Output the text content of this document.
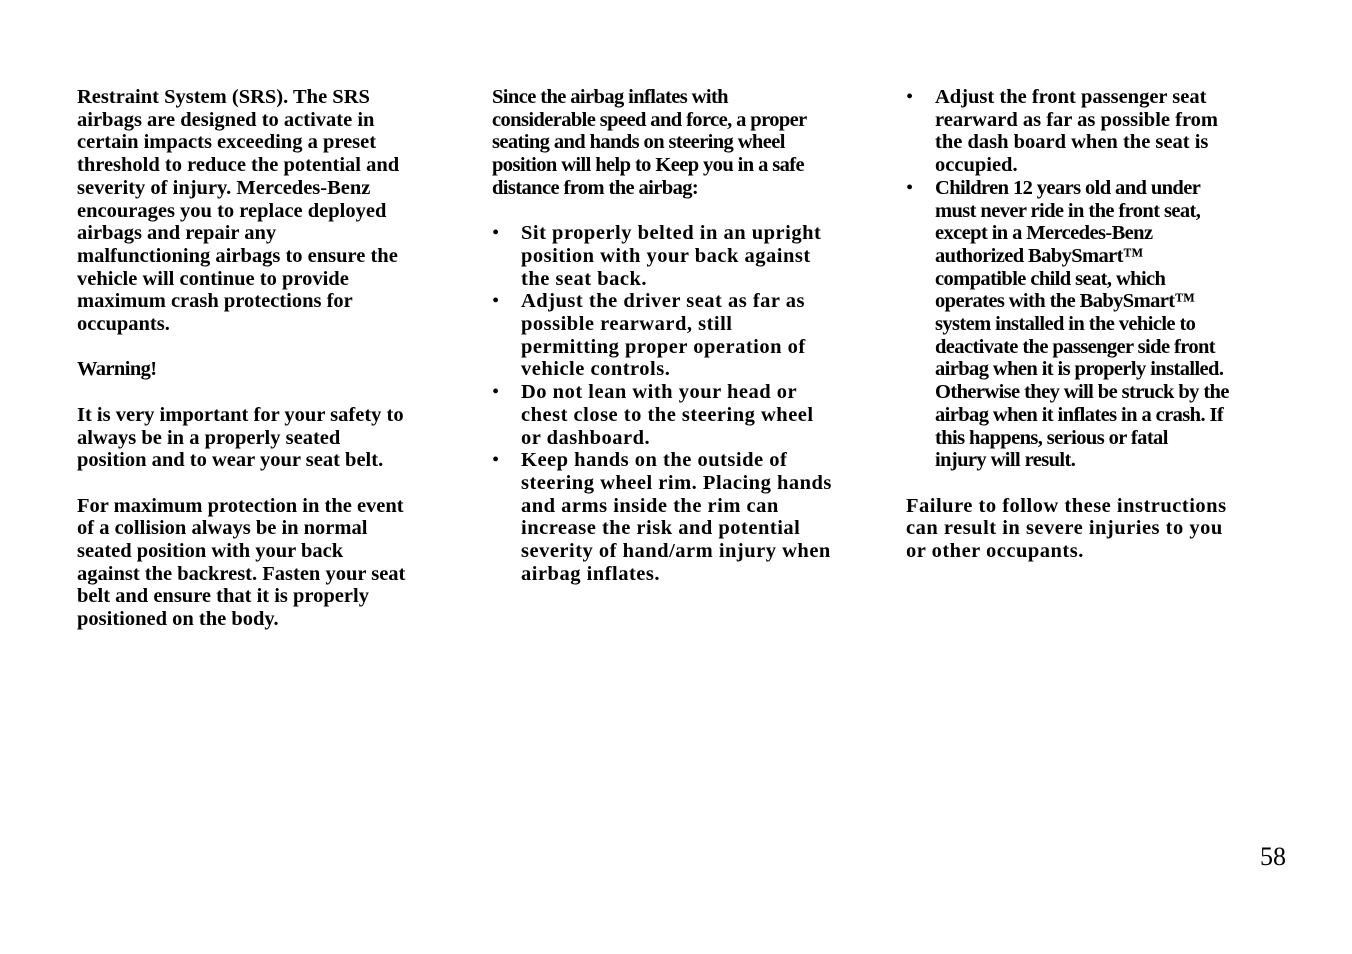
Restraint System (SRS). The SRS
airbags are designed to activate in
certain impacts exceeding a preset
threshold to reduce the potential and
severity of injury. Mercedes-Benz
encourages you to replace deployed
airbags and repair any
malfunctioning airbags to ensure the
vehicle will continue to provide
maximum crash protections for
occupants.

Warning!

It is very important for your safety to
always be in a properly seated
position and to wear your seat belt.

For maximum protection in the event
of a collision always be in normal
seated position with your back
against the backrest. Fasten your seat
belt and ensure that it is properly
positioned on the body.

Since the airbag inflates with
considerable speed and force, a proper
seating and hands on steering wheel
position will help to Keep you in a safe
distance from the airbag:

• Sit properly belted in an upright
position with your back against
the seat back.
• Adjust the driver seat as far as
possible rearward, still
permitting proper operation of
vehicle controls.
• Do not lean with your head or
chest close to the steering wheel
or dashboard.
• Keep hands on the outside of
steering wheel rim. Placing hands
and arms inside the rim can
increase the risk and potential
severity of hand/arm injury when
airbag inflates.
• Adjust the front passenger seat
rearward as far as possible from
the dash board when the seat is
occupied.
• Children 12 years old and under
must never ride in the front seat,
except in a Mercedes-Benz
authorized BabySmart™
compatible child seat, which
operates with the BabySmart™
system installed in the vehicle to
deactivate the passenger side front
airbag when it is properly installed.
Otherwise they will be struck by the
airbag when it inflates in a crash. If
this happens, serious or fatal
injury will result.

Failure to follow these instructions
can result in severe injuries to you
or other occupants.

58
